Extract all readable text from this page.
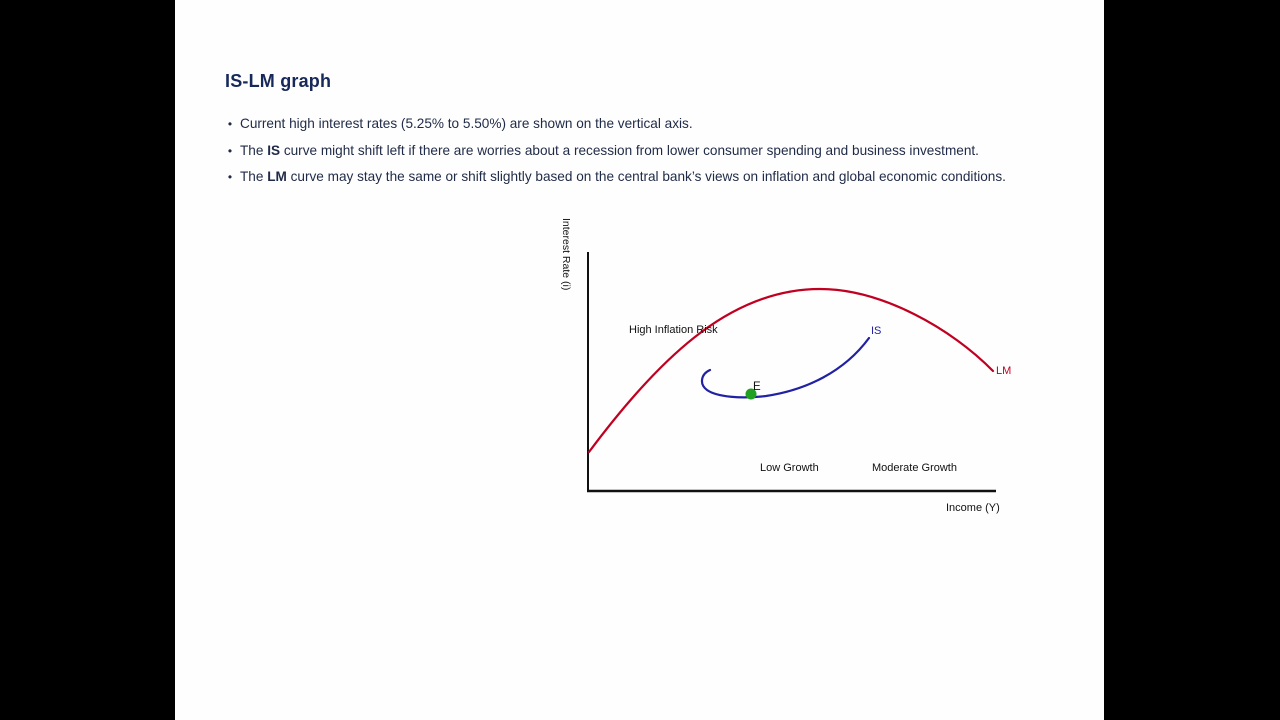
IS-LM graph
• Current high interest rates (5.25% to 5.50%) are shown on the vertical axis.
• The IS curve might shift left if there are worries about a recession from lower consumer spending and business investment.
• The LM curve may stay the same or shift slightly based on the central bank’s views on inflation and global economic conditions.
Interest Rate (i)
Income (Y)
High Inflation Risk	IS
LM
E
Low Growth	Moderate Growth
